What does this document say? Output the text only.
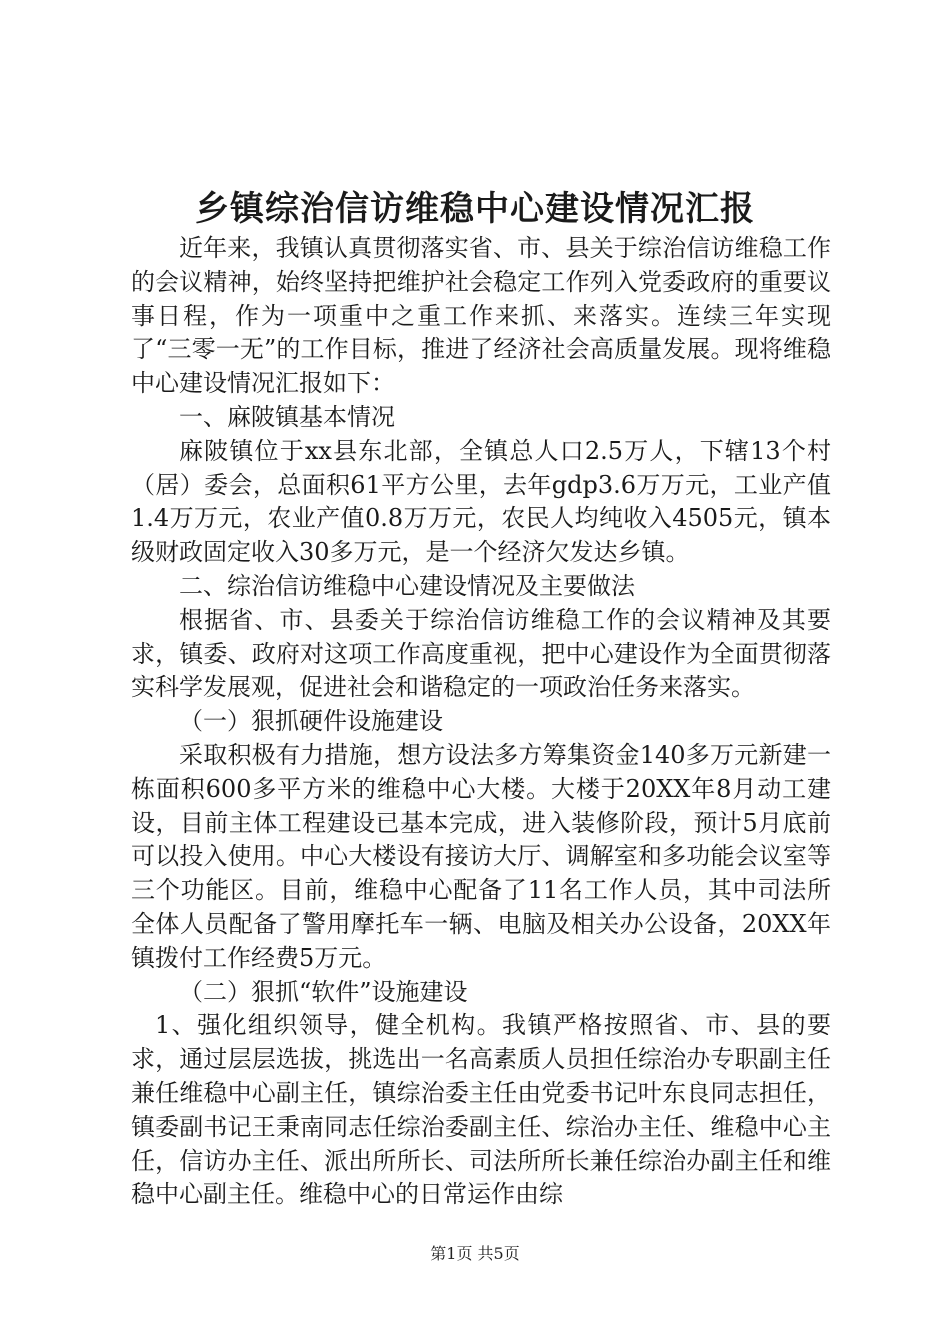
乡镇综治信访维稳中心建设情况汇报

近年来，我镇认真贯彻落实省、市、县关于综治信访维稳工作的会议精神，始终坚持把维护社会稳定工作列入党委政府的重要议事日程，作为一项重中之重工作来抓、来落实。连续三年实现了“三零一无”的工作目标，推进了经济社会高质量发展。现将维稳中心建设情况汇报如下：

一、麻陂镇基本情况

麻陂镇位于xx县东北部，全镇总人口2.5万人，下辖13个村（居）委会，总面积61平方公里，去年gdp3.6万万元，工业产值1.4万万元，农业产值0.8万万元，农民人均纯收入4505元，镇本级财政固定收入30多万元，是一个经济欠发达乡镇。

二、综治信访维稳中心建设情况及主要做法

根据省、市、县委关于综治信访维稳工作的会议精神及其要求，镇委、政府对这项工作高度重视，把中心建设作为全面贯彻落实科学发展观，促进社会和谐稳定的一项政治任务来落实。

（一）狠抓硬件设施建设

采取积极有力措施，想方设法多方筹集资金140多万元新建一栋面积600多平方米的维稳中心大楼。大楼于20XX年8月动工建设，目前主体工程建设已基本完成，进入装修阶段，预计5月底前可以投入使用。中心大楼设有接访大厅、调解室和多功能会议室等三个功能区。目前，维稳中心配备了11名工作人员，其中司法所全体人员配备了警用摩托车一辆、电脑及相关办公设备，20XX年镇拨付工作经费5万元。

（二）狠抓“软件”设施建设

1、强化组织领导，健全机构。我镇严格按照省、市、县的要求，通过层层选拔，挑选出一名高素质人员担任综治办专职副主任兼任维稳中心副主任，镇综治委主任由党委书记叶东良同志担任，镇委副书记王秉南同志任综治委副主任、综治办主任、维稳中心主任，信访办主任、派出所所长、司法所所长兼任综治办副主任和维稳中心副主任。维稳中心的日常运作由综

第1页 共5页
